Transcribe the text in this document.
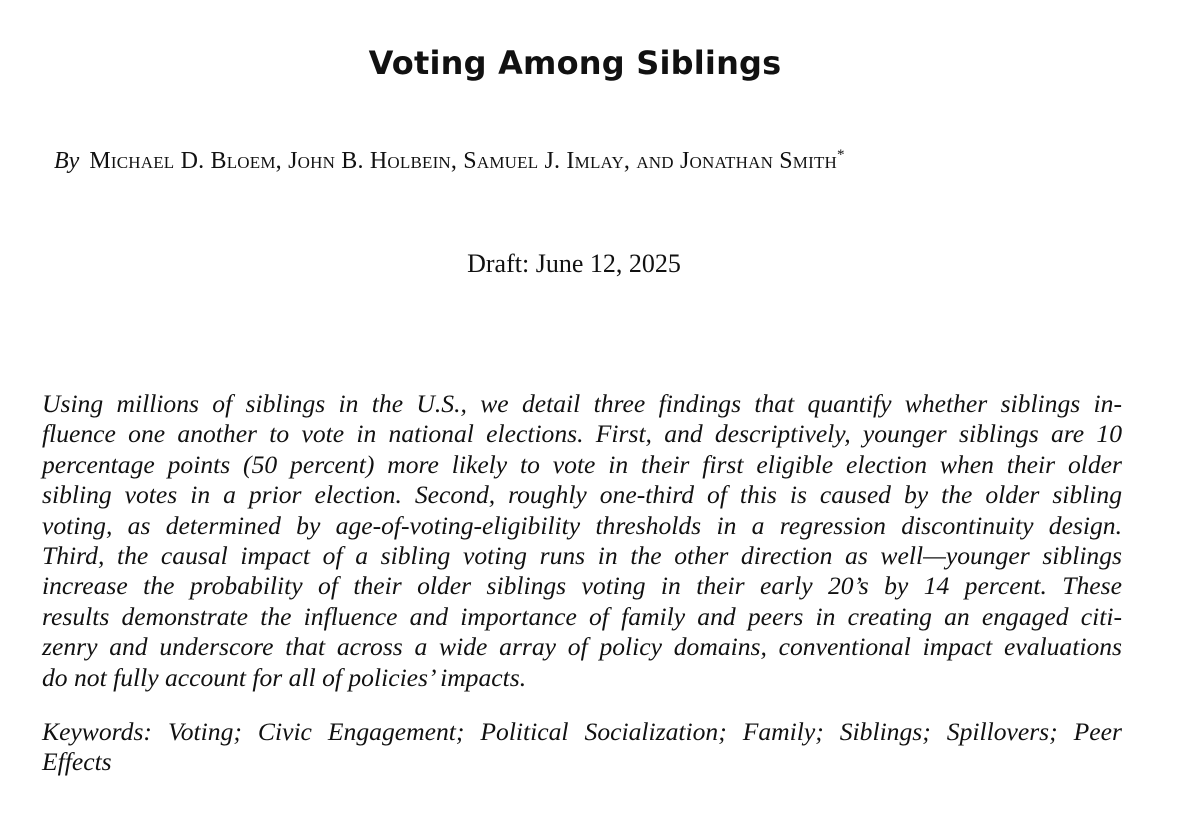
Voting Among Siblings

By Michael D. Bloem, John B. Holbein, Samuel J. Imlay, and Jonathan Smith*

Draft: June 12, 2025

Using millions of siblings in the U.S., we detail three findings that quantify whether siblings in-
fluence one another to vote in national elections. First, and descriptively, younger siblings are 10
percentage points (50 percent) more likely to vote in their first eligible election when their older
sibling votes in a prior election. Second, roughly one-third of this is caused by the older sibling
voting, as determined by age-of-voting-eligibility thresholds in a regression discontinuity design.
Third, the causal impact of a sibling voting runs in the other direction as well—younger siblings
increase the probability of their older siblings voting in their early 20’s by 14 percent. These
results demonstrate the influence and importance of family and peers in creating an engaged citi-
zenry and underscore that across a wide array of policy domains, conventional impact evaluations
do not fully account for all of policies’ impacts.
Keywords: Voting; Civic Engagement; Political Socialization; Family; Siblings; Spillovers; Peer
Effects
